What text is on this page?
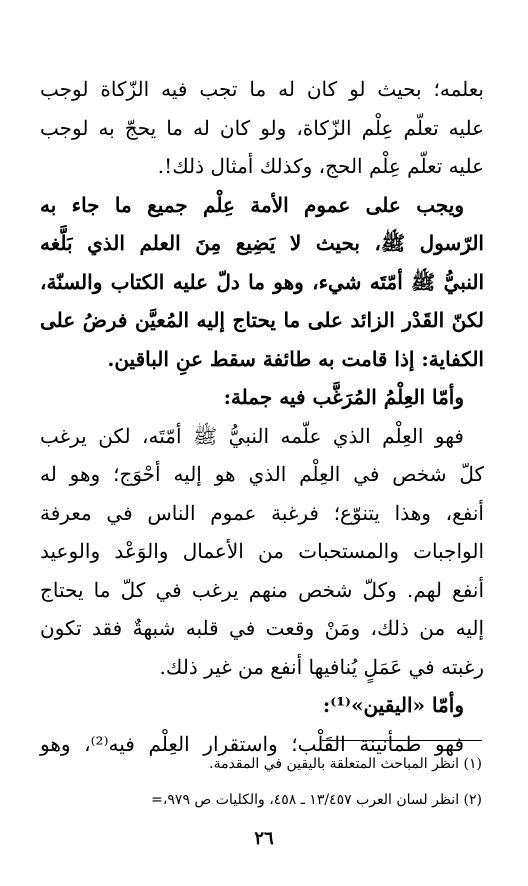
بعلمه؛ بحيث لو كان له ما تجب فيه الزّكاة لوجب
عليه تعلّم عِلْم الزّكاة، ولو كان له ما يحجّ به لوجب
عليه تعلّم عِلْم الحج، وكذلك أمثال ذلك!.
ويجب على عموم الأمة عِلْم جميع ما جاء به
الرّسول ﷺ، بحيث لا يَضِيع مِنَ العلم الذي بَلَّغه
النبيُّ ﷺ أمّتَه شيء، وهو ما دلّ عليه الكتاب والسنّة،
لكنّ القَدْر الزائد على ما يحتاج إليه المُعيَّن فرضُ على
الكفاية: إذا قامت به طائفة سقط عنِ الباقين.
وأمّا العِلْمُ المُرَغَّب فيه جملة:
فهو العِلْم الذي علّمه النبيُّ ﷺ أمّتَه، لكن يرغب
كلّ شخص في العِلْم الذي هو إليه أحْوَج؛ وهو له
أنفع، وهذا يتنوّع؛ فرغبة عموم الناس في معرفة
الواجبات والمستحبات من الأعمال والوَعْد والوعيد
أنفع لهم. وكلّ شخص منهم يرغب في كلّ ما يحتاج
إليه من ذلك، ومَنْ وقعت في قلبه شبهةٌ فقد تكون
رغبته في عَمَلٍ يُنافيها أنفع من غير ذلك.
وأمّا «اليقين»⁽¹⁾:
فهو طمأنينة القَلْب؛ واستقرار العِلْم فيه⁽²⁾، وهو
(١) انظر المباحث المتعلقة باليقين في المقدمة.
(٢) انظر لسان العرب ١٣/٤٥٧ ـ ٤٥٨، والكليات ص ٩٧٩،=
٢٦
